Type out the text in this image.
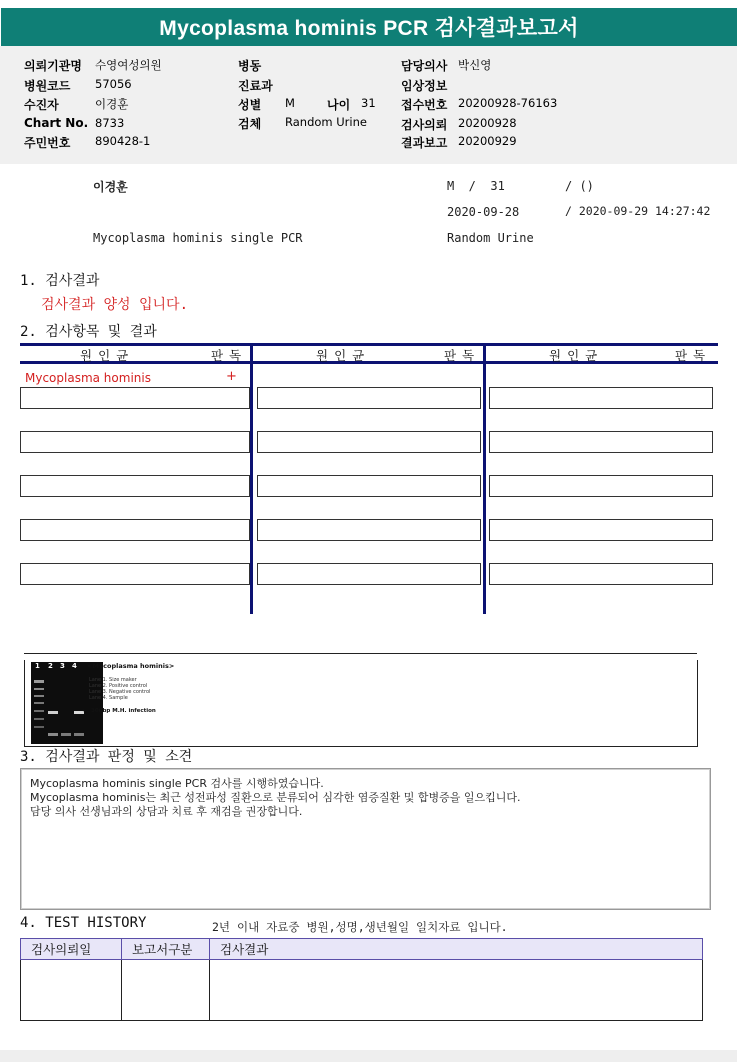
Mycoplasma hominis PCR 검사결과보고서
의뢰기관명 수영여성의원
병원코드 57056
수진자	이경훈
Chart No. 8733
주민번호 890428-1
병동
진료과
성별 M	나이 31
검체 Random Urine
담당의사 박신영
임상정보
접수번호 20200928-76163
검사의뢰 20200928
결과보고 20200929
이경훈	M  /  31	/ ()
2020-09-28	/ 2020-09-29 14:27:42
Mycoplasma hominis single PCR	Random Urine
1. 검사결과
검사결과 양성 입니다.
2. 검사항목 및 결과
원인균	판독	원인균	판독	원인균	판독
Mycoplasma hominis	+
1 2 3 4 <Mycoplasma hominis>
Lane 1. Size maker
Lane 2. Positive control
Lane 3. Negative control
Lane 4. Sample
← 300bp M.H. infection
3. 검사결과 판정 및 소견
Mycoplasma hominis single PCR 검사를 시행하였습니다.
Mycoplasma hominis는 최근 성전파성 질환으로 분류되어 심각한 염증질환 및 합병증을 일으킵니다.
담당 의사 선생님과의 상담과 치료 후 재검을 권장합니다.
4. TEST HISTORY	2년 이내 자료중 병원,성명,생년월일 일치자료 입니다.
검사의뢰일	보고서구분	검사결과
